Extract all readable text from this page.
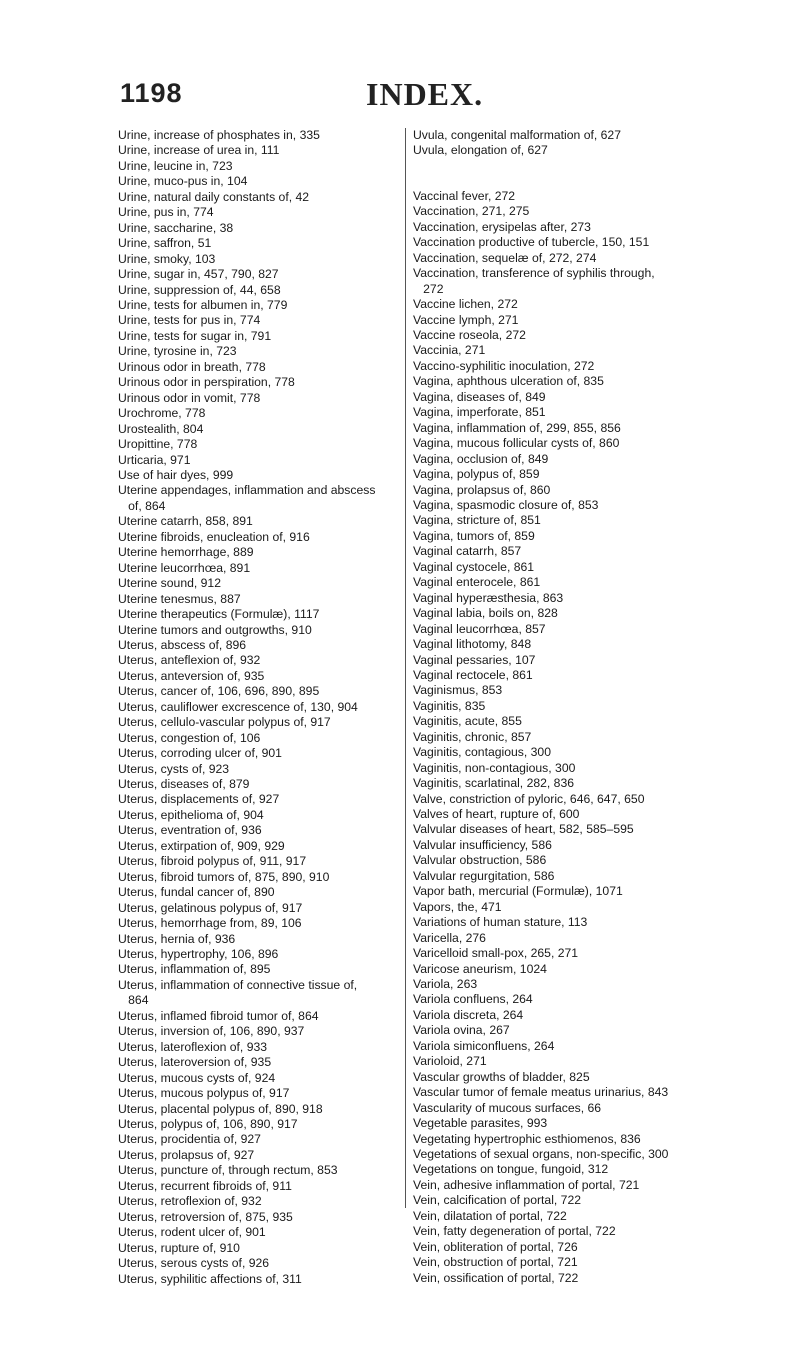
1198	INDEX.
Urine, increase of phosphates in, 335
Urine, increase of urea in, 111
Urine, leucine in, 723
Urine, muco-pus in, 104
Urine, natural daily constants of, 42
Urine, pus in, 774
Urine, saccharine, 38
Urine, saffron, 51
Urine, smoky, 103
Urine, sugar in, 457, 790, 827
Urine, suppression of, 44, 658
Urine, tests for albumen in, 779
Urine, tests for pus in, 774
Urine, tests for sugar in, 791
Urine, tyrosine in, 723
Urinous odor in breath, 778
Urinous odor in perspiration, 778
Urinous odor in vomit, 778
Urochrome, 778
Urostealith, 804
Uropittine, 778
Urticaria, 971
Use of hair dyes, 999
Uterine appendages, inflammation and abscess
of, 864
Uterine catarrh, 858, 891
Uterine fibroids, enucleation of, 916
Uterine hemorrhage, 889
Uterine leucorrhœa, 891
Uterine sound, 912
Uterine tenesmus, 887
Uterine therapeutics (Formulæ), 1117
Uterine tumors and outgrowths, 910
Uterus, abscess of, 896
Uterus, anteflexion of, 932
Uterus, anteversion of, 935
Uterus, cancer of, 106, 696, 890, 895
Uterus, cauliflower excrescence of, 130, 904
Uterus, cellulo-vascular polypus of, 917
Uterus, congestion of, 106
Uterus, corroding ulcer of, 901
Uterus, cysts of, 923
Uterus, diseases of, 879
Uterus, displacements of, 927
Uterus, epithelioma of, 904
Uterus, eventration of, 936
Uterus, extirpation of, 909, 929
Uterus, fibroid polypus of, 911, 917
Uterus, fibroid tumors of, 875, 890, 910
Uterus, fundal cancer of, 890
Uterus, gelatinous polypus of, 917
Uterus, hemorrhage from, 89, 106
Uterus, hernia of, 936
Uterus, hypertrophy, 106, 896
Uterus, inflammation of, 895
Uterus, inflammation of connective tissue of,
864
Uterus, inflamed fibroid tumor of, 864
Uterus, inversion of, 106, 890, 937
Uterus, lateroflexion of, 933
Uterus, lateroversion of, 935
Uterus, mucous cysts of, 924
Uterus, mucous polypus of, 917
Uterus, placental polypus of, 890, 918
Uterus, polypus of, 106, 890, 917
Uterus, procidentia of, 927
Uterus, prolapsus of, 927
Uterus, puncture of, through rectum, 853
Uterus, recurrent fibroids of, 911
Uterus, retroflexion of, 932
Uterus, retroversion of, 875, 935
Uterus, rodent ulcer of, 901
Uterus, rupture of, 910
Uterus, serous cysts of, 926
Uterus, syphilitic affections of, 311
Uvula, congenital malformation of, 627
Uvula, elongation of, 627
Vaccinal fever, 272
Vaccination, 271, 275
Vaccination, erysipelas after, 273
Vaccination productive of tubercle, 150, 151
Vaccination, sequelæ of, 272, 274
Vaccination, transference of syphilis through,
272
Vaccine lichen, 272
Vaccine lymph, 271
Vaccine roseola, 272
Vaccinia, 271
Vaccino-syphilitic inoculation, 272
Vagina, aphthous ulceration of, 835
Vagina, diseases of, 849
Vagina, imperforate, 851
Vagina, inflammation of, 299, 855, 856
Vagina, mucous follicular cysts of, 860
Vagina, occlusion of, 849
Vagina, polypus of, 859
Vagina, prolapsus of, 860
Vagina, spasmodic closure of, 853
Vagina, stricture of, 851
Vagina, tumors of, 859
Vaginal catarrh, 857
Vaginal cystocele, 861
Vaginal enterocele, 861
Vaginal hyperæsthesia, 863
Vaginal labia, boils on, 828
Vaginal leucorrhœa, 857
Vaginal lithotomy, 848
Vaginal pessaries, 107
Vaginal rectocele, 861
Vaginismus, 853
Vaginitis, 835
Vaginitis, acute, 855
Vaginitis, chronic, 857
Vaginitis, contagious, 300
Vaginitis, non-contagious, 300
Vaginitis, scarlatinal, 282, 836
Valve, constriction of pyloric, 646, 647, 650
Valves of heart, rupture of, 600
Valvular diseases of heart, 582, 585–595
Valvular insufficiency, 586
Valvular obstruction, 586
Valvular regurgitation, 586
Vapor bath, mercurial (Formulæ), 1071
Vapors, the, 471
Variations of human stature, 113
Varicella, 276
Varicelloid small-pox, 265, 271
Varicose aneurism, 1024
Variola, 263
Variola confluens, 264
Variola discreta, 264
Variola ovina, 267
Variola simiconfluens, 264
Varioloid, 271
Vascular growths of bladder, 825
Vascular tumor of female meatus urinarius, 843
Vascularity of mucous surfaces, 66
Vegetable parasites, 993
Vegetating hypertrophic esthiomenos, 836
Vegetations of sexual organs, non-specific, 300
Vegetations on tongue, fungoid, 312
Vein, adhesive inflammation of portal, 721
Vein, calcification of portal, 722
Vein, dilatation of portal, 722
Vein, fatty degeneration of portal, 722
Vein, obliteration of portal, 726
Vein, obstruction of portal, 721
Vein, ossification of portal, 722
